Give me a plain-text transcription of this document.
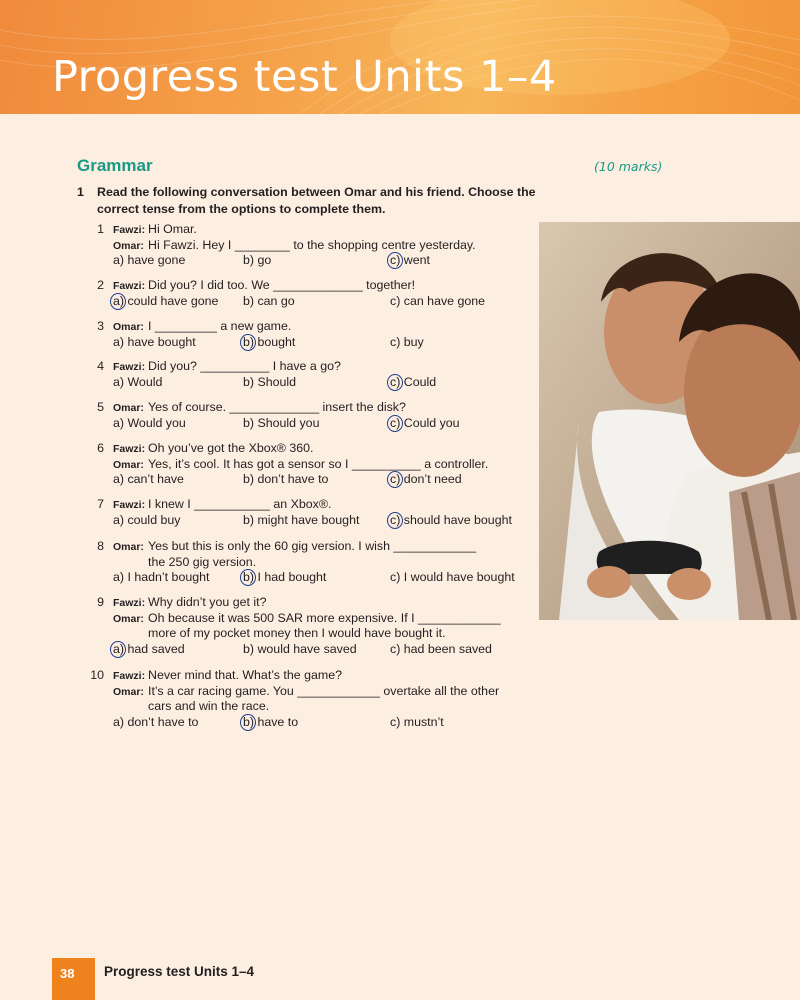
Progress test Units 1–4
Grammar	(10 marks)
1 Read the following conversation between Omar and his friend. Choose the correct tense from the options to complete them.
1 Fawzi: Hi Omar.
Omar: Hi Fawzi. Hey I ________ to the shopping centre yesterday.
a) have gone	b) go	c) went
2 Fawzi: Did you? I did too. We _____________ together!
a) could have gone b) can go	c) can have gone
3 Omar: I _________ a new game.
a) have bought	b) bought	c) buy
4 Fawzi: Did you? __________ I have a go?
a) Would	b) Should	c) Could
5 Omar: Yes of course. _____________ insert the disk?
a) Would you	b) Should you	c) Could you
6 Fawzi: Oh you’ve got the Xbox® 360.
Omar: Yes, it’s cool. It has got a sensor so I __________ a controller.
a) can’t have	b) don’t have to	c) don’t need
7 Fawzi: I knew I ___________ an Xbox®.
a) could buy	b) might have bought c) should have bought
8 Omar: Yes but this is only the 60 gig version. I wish ____________
the 250 gig version.
a) I hadn’t bought	b) I had bought	c) I would have bought
9 Fawzi: Why didn’t you get it?
Omar: Oh because it was 500 SAR more expensive. If I ____________
more of my pocket money then I would have bought it.
a) had saved	b) would have saved	c) had been saved
10 Fawzi: Never mind that. What’s the game?
Omar: It’s a car racing game. You ____________ overtake all the other
cars and win the race.
a) don’t have to	b) have to	c) mustn’t
38 Progress test Units 1–4
